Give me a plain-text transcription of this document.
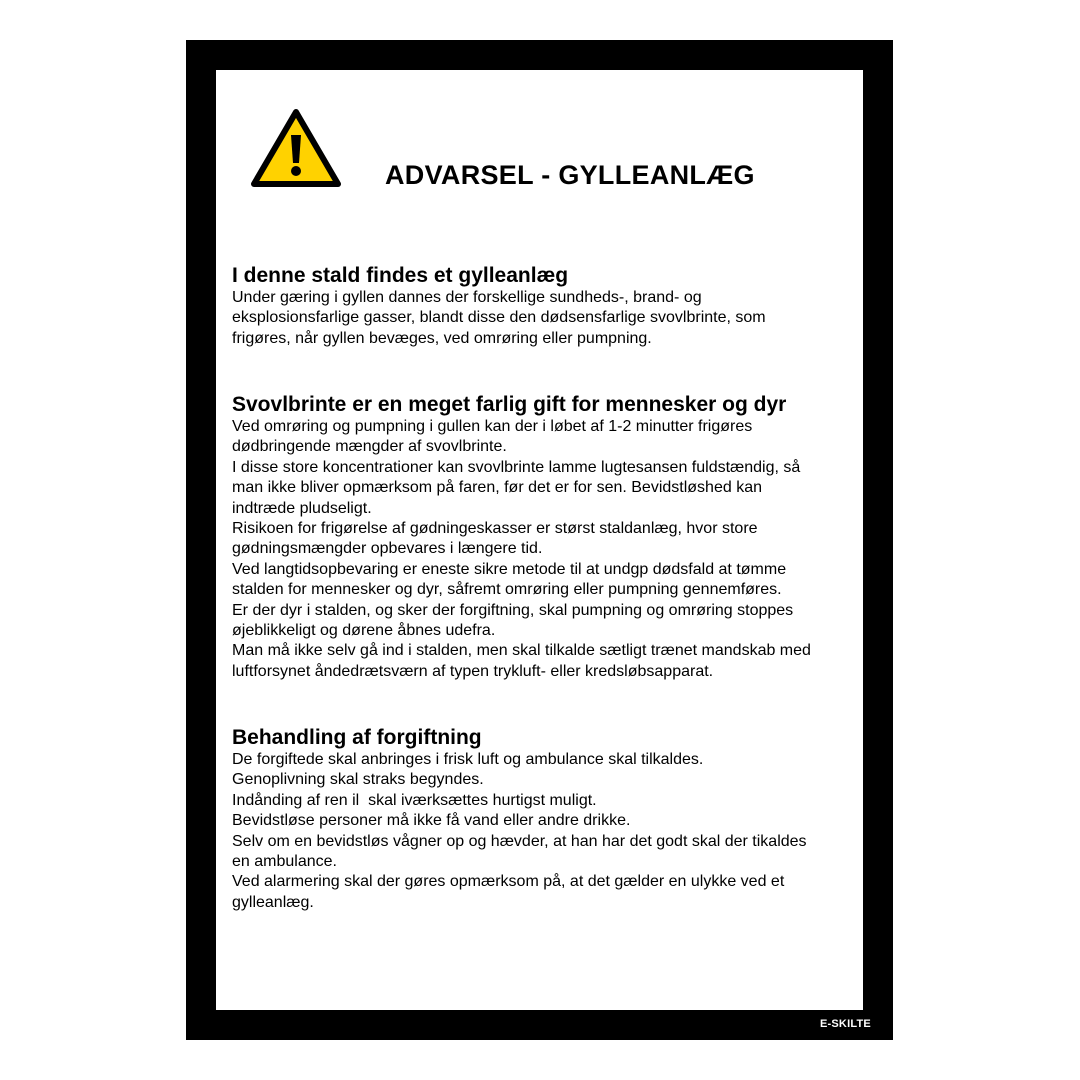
ADVARSEL - GYLLEANLÆG
I denne stald findes et gylleanlæg
Under gæring i gyllen dannes der forskellige sundheds-, brand- og
eksplosionsfarlige gasser, blandt disse den dødsensfarlige svovlbrinte, som
frigøres, når gyllen bevæges, ved omrøring eller pumpning.
Svovlbrinte er en meget farlig gift for mennesker og dyr
Ved omrøring og pumpning i gullen kan der i løbet af 1-2 minutter frigøres
dødbringende mængder af svovlbrinte.
I disse store koncentrationer kan svovlbrinte lamme lugtesansen fuldstændig, så
man ikke bliver opmærksom på faren, før det er for sen. Bevidstløshed kan
indtræde pludseligt.
Risikoen for frigørelse af gødningeskasser er størst staldanlæg, hvor store
gødningsmængder opbevares i længere tid.
Ved langtidsopbevaring er eneste sikre metode til at undgp dødsfald at tømme
stalden for mennesker og dyr, såfremt omrøring eller pumpning gennemføres.
Er der dyr i stalden, og sker der forgiftning, skal pumpning og omrøring stoppes
øjeblikkeligt og dørene åbnes udefra.
Man må ikke selv gå ind i stalden, men skal tilkalde sætligt trænet mandskab med
luftforsynet åndedrætsværn af typen trykluft- eller kredsløbsapparat.
Behandling af forgiftning
De forgiftede skal anbringes i frisk luft og ambulance skal tilkaldes.
Genoplivning skal straks begyndes.
Indånding af ren il  skal iværksættes hurtigst muligt.
Bevidstløse personer må ikke få vand eller andre drikke.
Selv om en bevidstløs vågner op og hævder, at han har det godt skal der tikaldes
en ambulance.
Ved alarmering skal der gøres opmærksom på, at det gælder en ulykke ved et
gylleanlæg.
E-SKILTE
